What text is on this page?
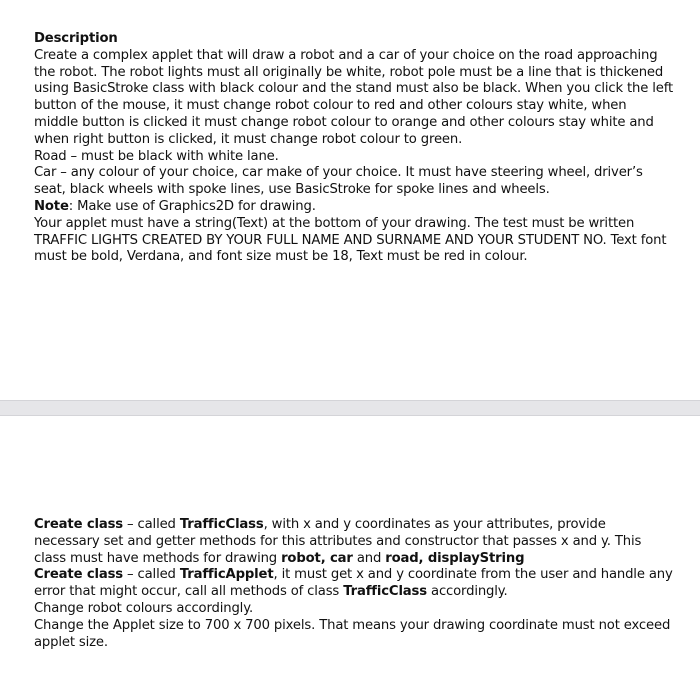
Description

Create a complex applet that will draw a robot and a car of your choice on the road approaching the robot. The robot lights must all originally be white, robot pole must be a line that is thickened using BasicStroke class with black colour and the stand must also be black. When you click the left button of the mouse, it must change robot colour to red and other colours stay white, when middle button is clicked it must change robot colour to orange and other colours stay white and when right button is clicked, it must change robot colour to green.

Road – must be black with white lane.

Car – any colour of your choice, car make of your choice. It must have steering wheel, driver’s seat, black wheels with spoke lines, use BasicStroke for spoke lines and wheels.

Note: Make use of Graphics2D for drawing.

Your applet must have a string(Text) at the bottom of your drawing. The test must be written TRAFFIC LIGHTS CREATED BY YOUR FULL NAME AND SURNAME AND YOUR STUDENT NO. Text font must be bold, Verdana, and font size must be 18, Text must be red in colour.

Create class – called TrafficClass, with x and y coordinates as your attributes, provide necessary set and getter methods for this attributes and constructor that passes x and y. This class must have methods for drawing robot, car and road, displayString

Create class – called TrafficApplet, it must get x and y coordinate from the user and handle any error that might occur, call all methods of class TrafficClass accordingly.

Change robot colours accordingly.

Change the Applet size to 700 x 700 pixels. That means your drawing coordinate must not exceed applet size.
